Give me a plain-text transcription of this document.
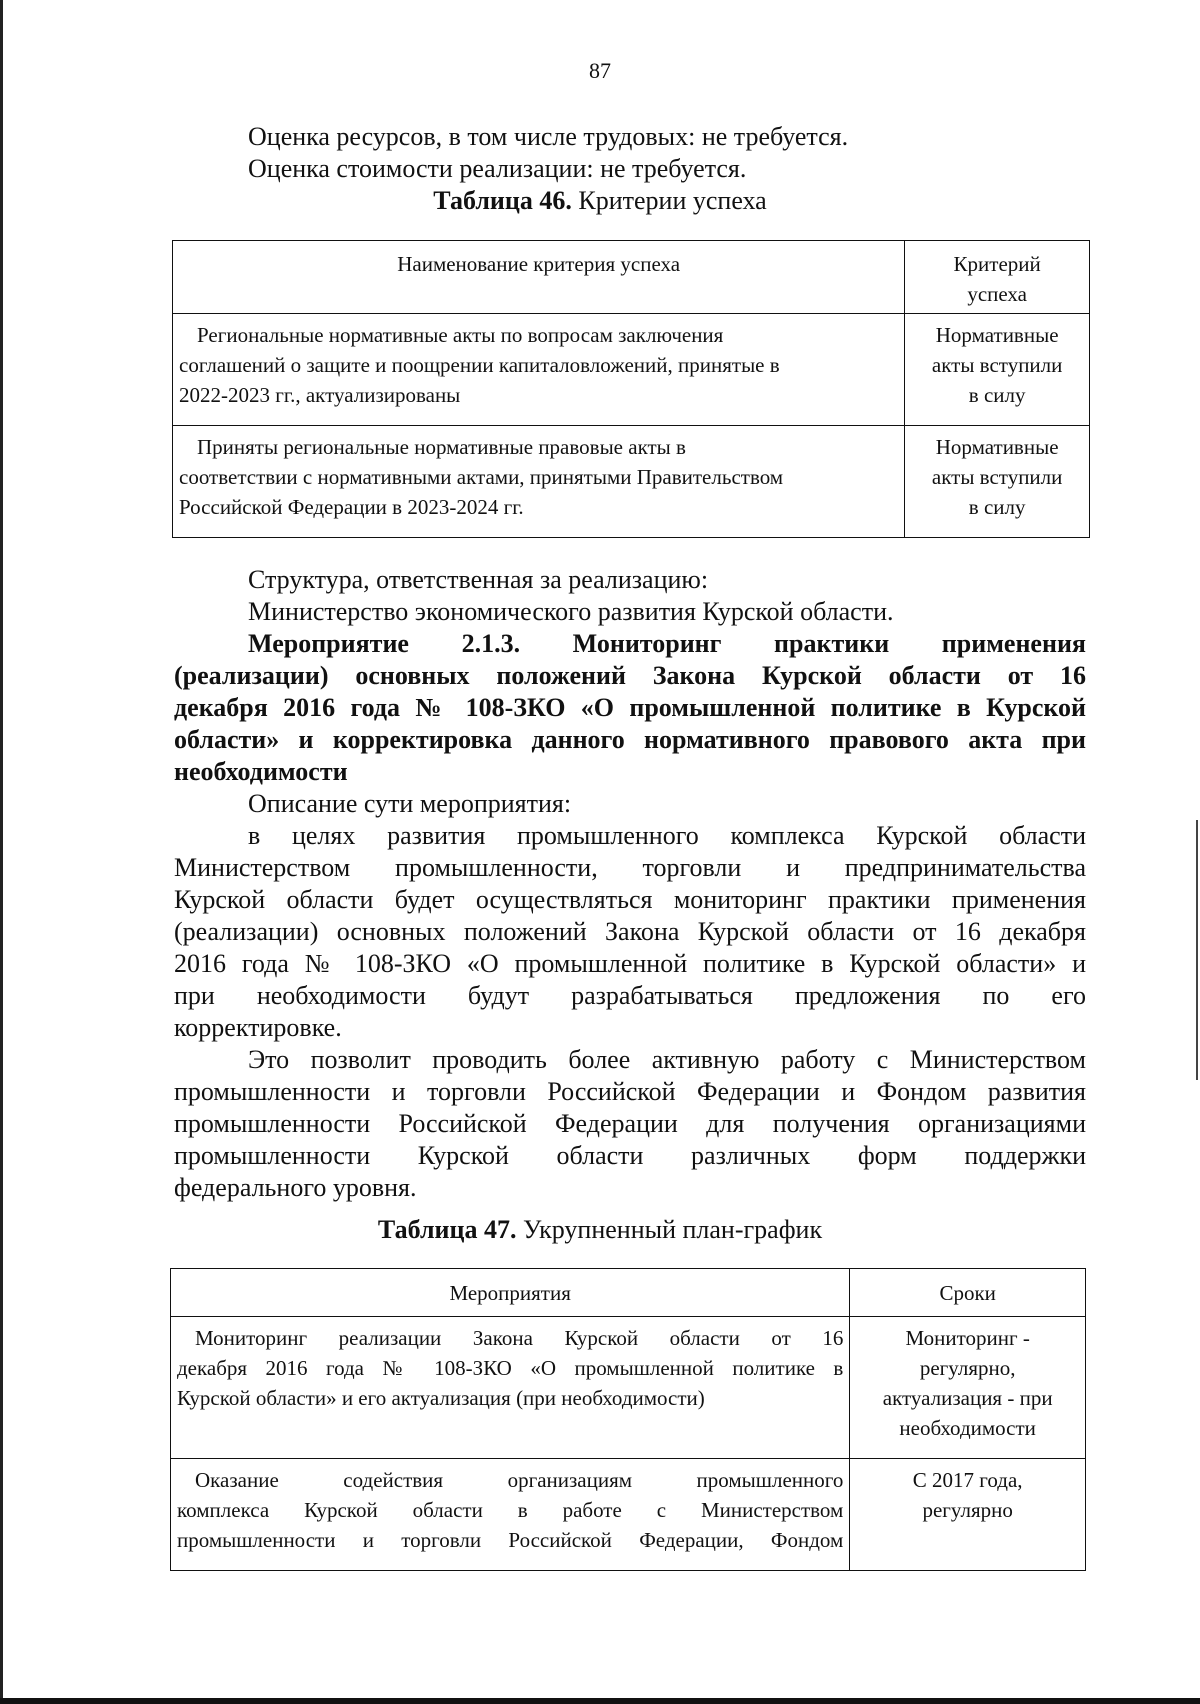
87
Оценка ресурсов, в том числе трудовых: не требуется.
Оценка стоимости реализации: не требуется.
Таблица 46. Критерии успеха
Наименование критерия успеха	Критерий
успеха

Региональные нормативные акты по вопросам заключения
соглашений о защите и поощрении капиталовложений, принятые в
2022-2023 гг., актуализированы	Нормативные
акты вступили
в силу

Приняты региональные нормативные правовые акты в
соответствии с нормативными актами, принятыми Правительством
Российской Федерации в 2023-2024 гг.	Нормативные
акты вступили
в силу
Структура, ответственная за реализацию:
Министерство экономического развития Курской области.
Мероприятие 2.1.3. Мониторинг практики применения
(реализации) основных положений Закона Курской области от 16
декабря 2016 года № 108-ЗКО «О промышленной политике в Курской
области» и корректировка данного нормативного правового акта при
необходимости
Описание сути мероприятия:
в целях развития промышленного комплекса Курской области
Министерством промышленности, торговли и предпринимательства
Курской области будет осуществляться мониторинг практики применения
(реализации) основных положений Закона Курской области от 16 декабря
2016 года № 108-ЗКО «О промышленной политике в Курской области» и
при необходимости будут разрабатываться предложения по его
корректировке.
Это позволит проводить более активную работу с Министерством
промышленности и торговли Российской Федерации и Фондом развития
промышленности Российской Федерации для получения организациями
промышленности Курской области различных форм поддержки
федерального уровня.
Таблица 47. Укрупненный план-график
Мероприятия	Сроки

Мониторинг реализации Закона Курской области от 16
декабря 2016 года № 108-ЗКО «О промышленной политике в
Курской области» и его актуализация (при необходимости)	Мониторинг -
регулярно,
актуализация - при
необходимости

Оказание содействия организациям промышленного
комплекса Курской области в работе с Министерством
промышленности и торговли Российской Федерации, Фондом	С 2017 года,
регулярно
